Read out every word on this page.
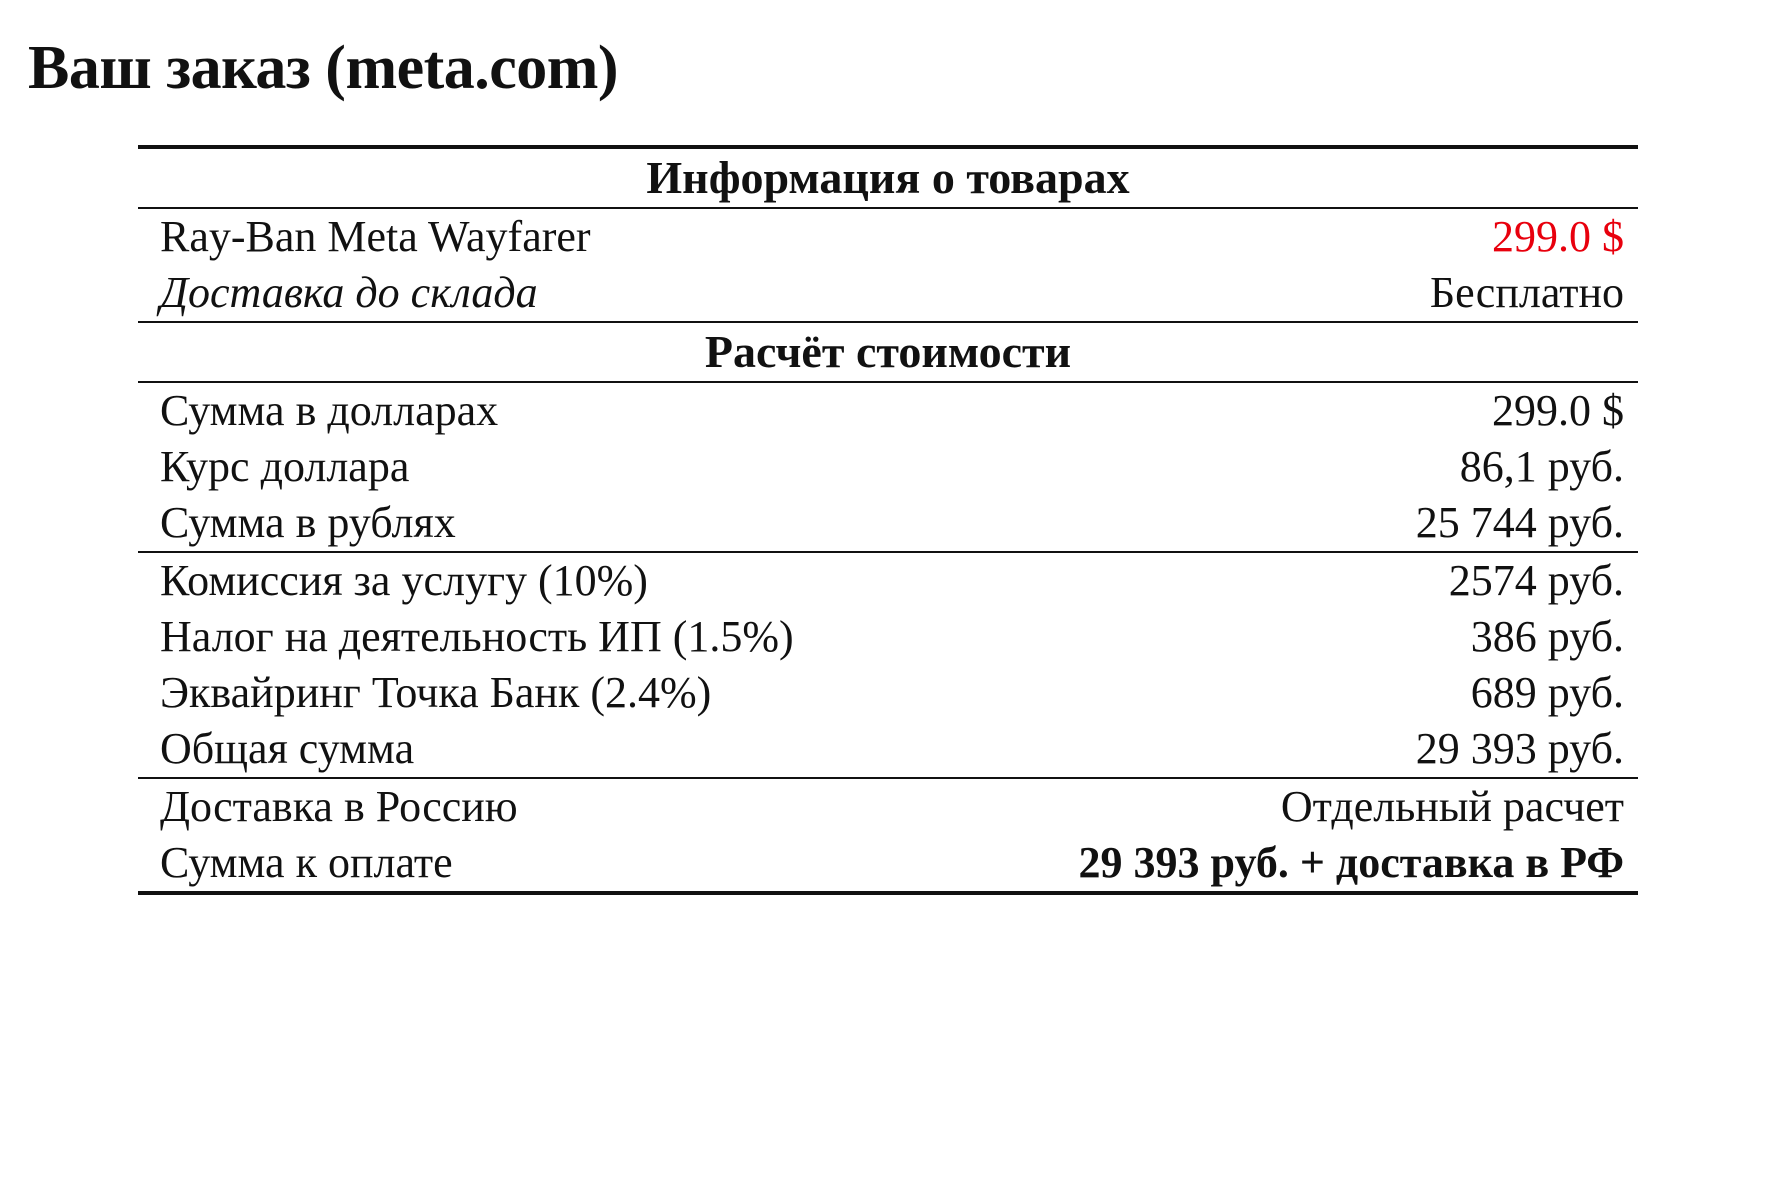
Ваш заказ (meta.com)
Информация о товарах	
Ray-Ban Meta Wayfarer	299.0 $
Доставка до склада	Бесплатно
Расчёт стоимости	
Сумма в долларах	299.0 $
Курс доллара	86,1 руб.
Сумма в рублях	25 744 руб.
Комиссия за услугу (10%)	2574 руб.
Налог на деятельность ИП (1.5%)	386 руб.
Эквайринг Точка Банк (2.4%)	689 руб.
Общая сумма	29 393 руб.
Доставка в Россию	Отдельный расчет
Сумма к оплате	29 393 руб. + доставка в РФ
